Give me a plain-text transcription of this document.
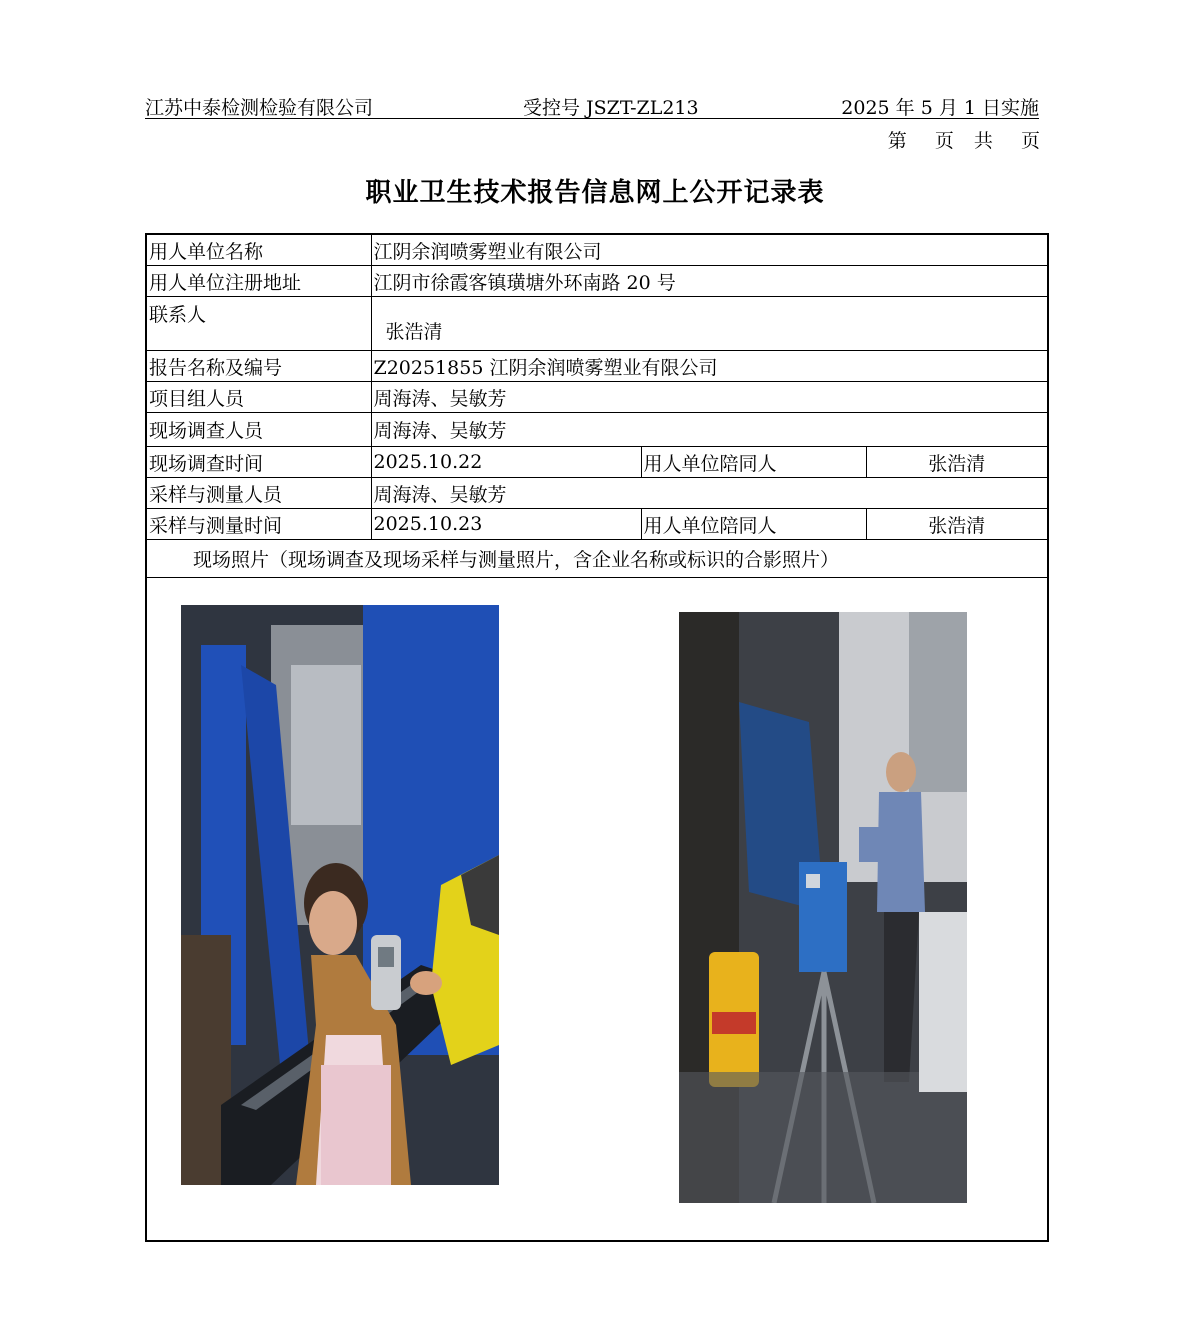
江苏中泰检测检验有限公司	受控号 JSZT-ZL213	2025 年 5 月 1 日实施
第 页 共 页
职业卫生技术报告信息网上公开记录表
用人单位名称	江阴余润喷雾塑业有限公司		
用人单位注册地址	江阴市徐霞客镇璜塘外环南路 20 号		
联系人	张浩清		
报告名称及编号	Z20251855 江阴余润喷雾塑业有限公司		
项目组人员	周海涛、吴敏芳		
现场调查人员	周海涛、吴敏芳		
现场调查时间	2025.10.22	用人单位陪同人	张浩清
采样与测量人员	周海涛、吴敏芳		
采样与测量时间	2025.10.23	用人单位陪同人	张浩清
现场照片（现场调查及现场采样与测量照片，含企业名称或标识的合影照片）			
